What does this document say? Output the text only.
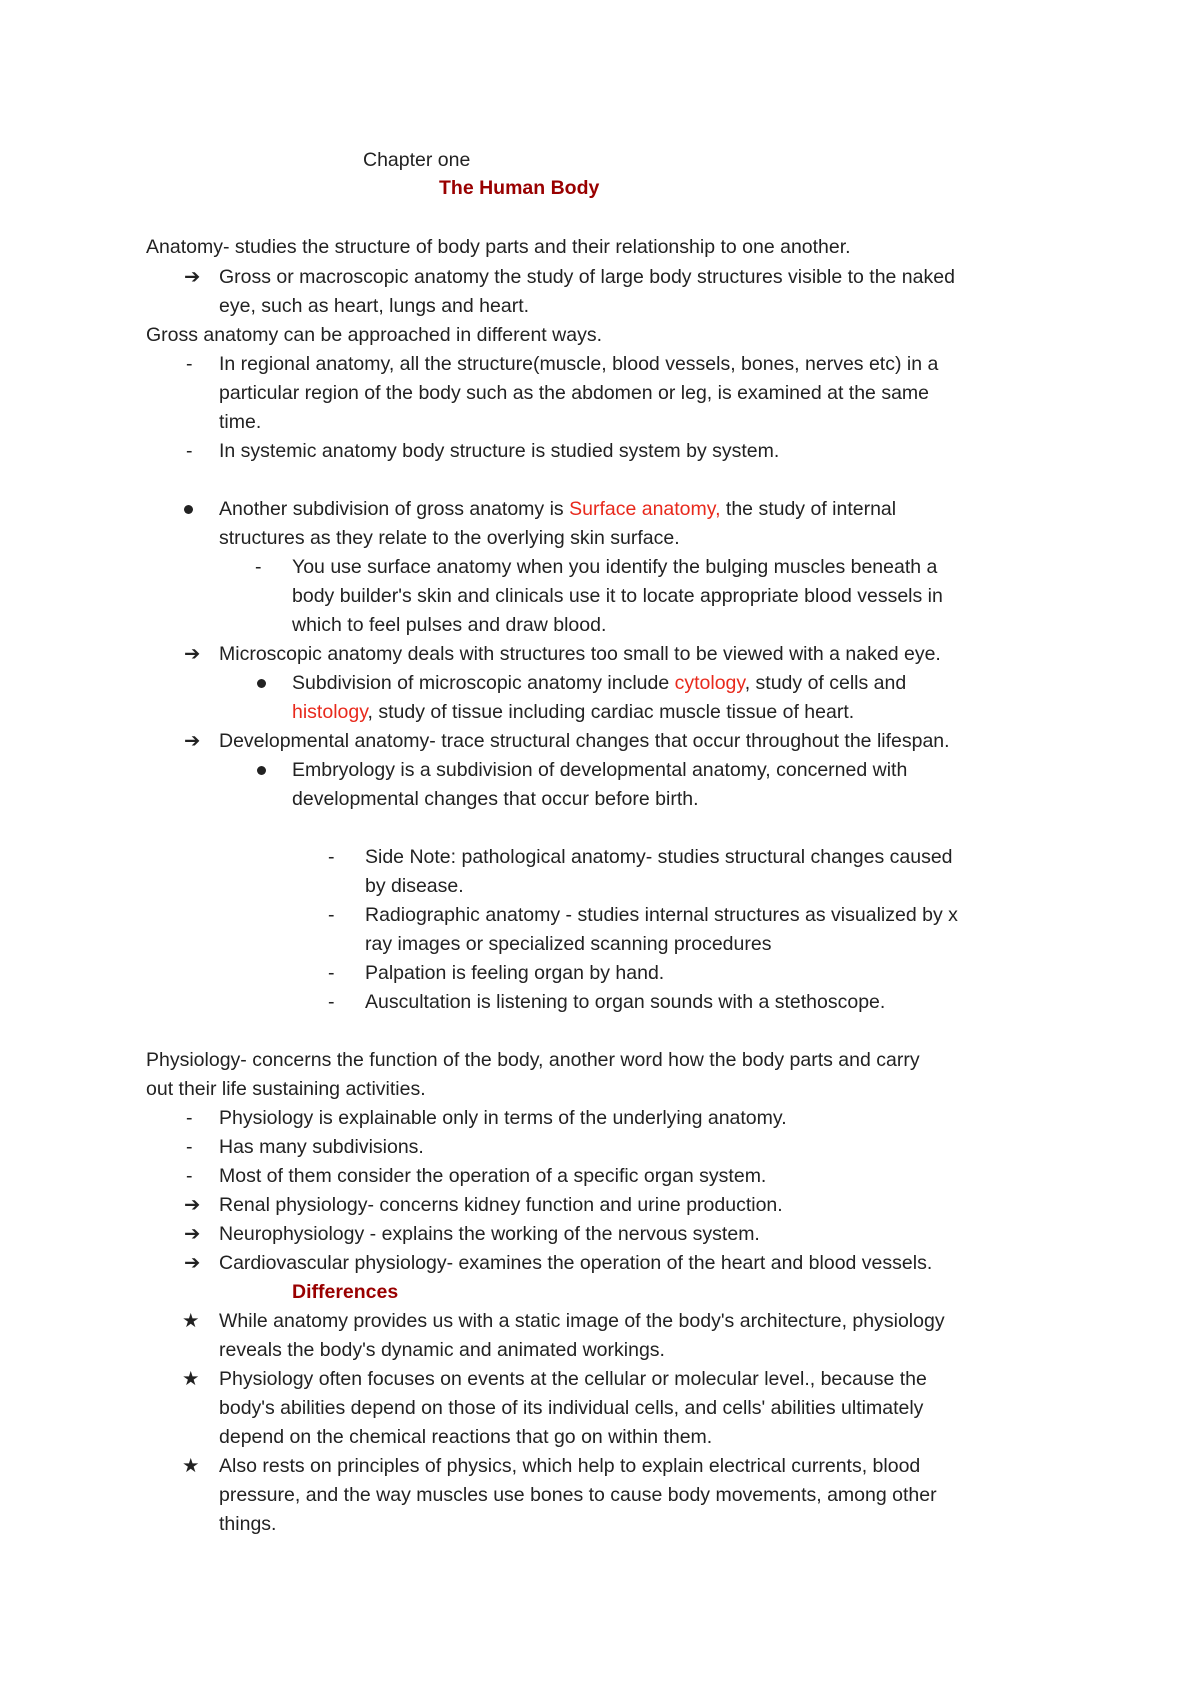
Chapter one
The Human Body
Anatomy- studies the structure of body parts and their relationship to one another.
➔ Gross or macroscopic anatomy the study of large body structures visible to the naked
eye, such as heart, lungs and heart.
Gross anatomy can be approached in different ways.
- In regional anatomy, all the structure(muscle, blood vessels, bones, nerves etc) in a
particular region of the body such as the abdomen or leg, is examined at the same
time.
- In systemic anatomy body structure is studied system by system.
Another subdivision of gross anatomy is Surface anatomy, the study of internal
structures as they relate to the overlying skin surface.
- You use surface anatomy when you identify the bulging muscles beneath a
body builder's skin and clinicals use it to locate appropriate blood vessels in
which to feel pulses and draw blood.
➔ Microscopic anatomy deals with structures too small to be viewed with a naked eye.
Subdivision of microscopic anatomy include cytology, study of cells and
histology, study of tissue including cardiac muscle tissue of heart.
➔ Developmental anatomy- trace structural changes that occur throughout the lifespan.
Embryology is a subdivision of developmental anatomy, concerned with
developmental changes that occur before birth.
- Side Note: pathological anatomy- studies structural changes caused
by disease.
- Radiographic anatomy - studies internal structures as visualized by x
ray images or specialized scanning procedures
- Palpation is feeling organ by hand.
- Auscultation is listening to organ sounds with a stethoscope.
Physiology- concerns the function of the body, another word how the body parts and carry
out their life sustaining activities.
- Physiology is explainable only in terms of the underlying anatomy.
- Has many subdivisions.
- Most of them consider the operation of a specific organ system.
➔ Renal physiology- concerns kidney function and urine production.
➔ Neurophysiology - explains the working of the nervous system.
➔ Cardiovascular physiology- examines the operation of the heart and blood vessels.
Differences
★ While anatomy provides us with a static image of the body's architecture, physiology
reveals the body's dynamic and animated workings.
★ Physiology often focuses on events at the cellular or molecular level., because the
body's abilities depend on those of its individual cells, and cells' abilities ultimately
depend on the chemical reactions that go on within them.
★ Also rests on principles of physics, which help to explain electrical currents, blood
pressure, and the way muscles use bones to cause body movements, among other
things.
